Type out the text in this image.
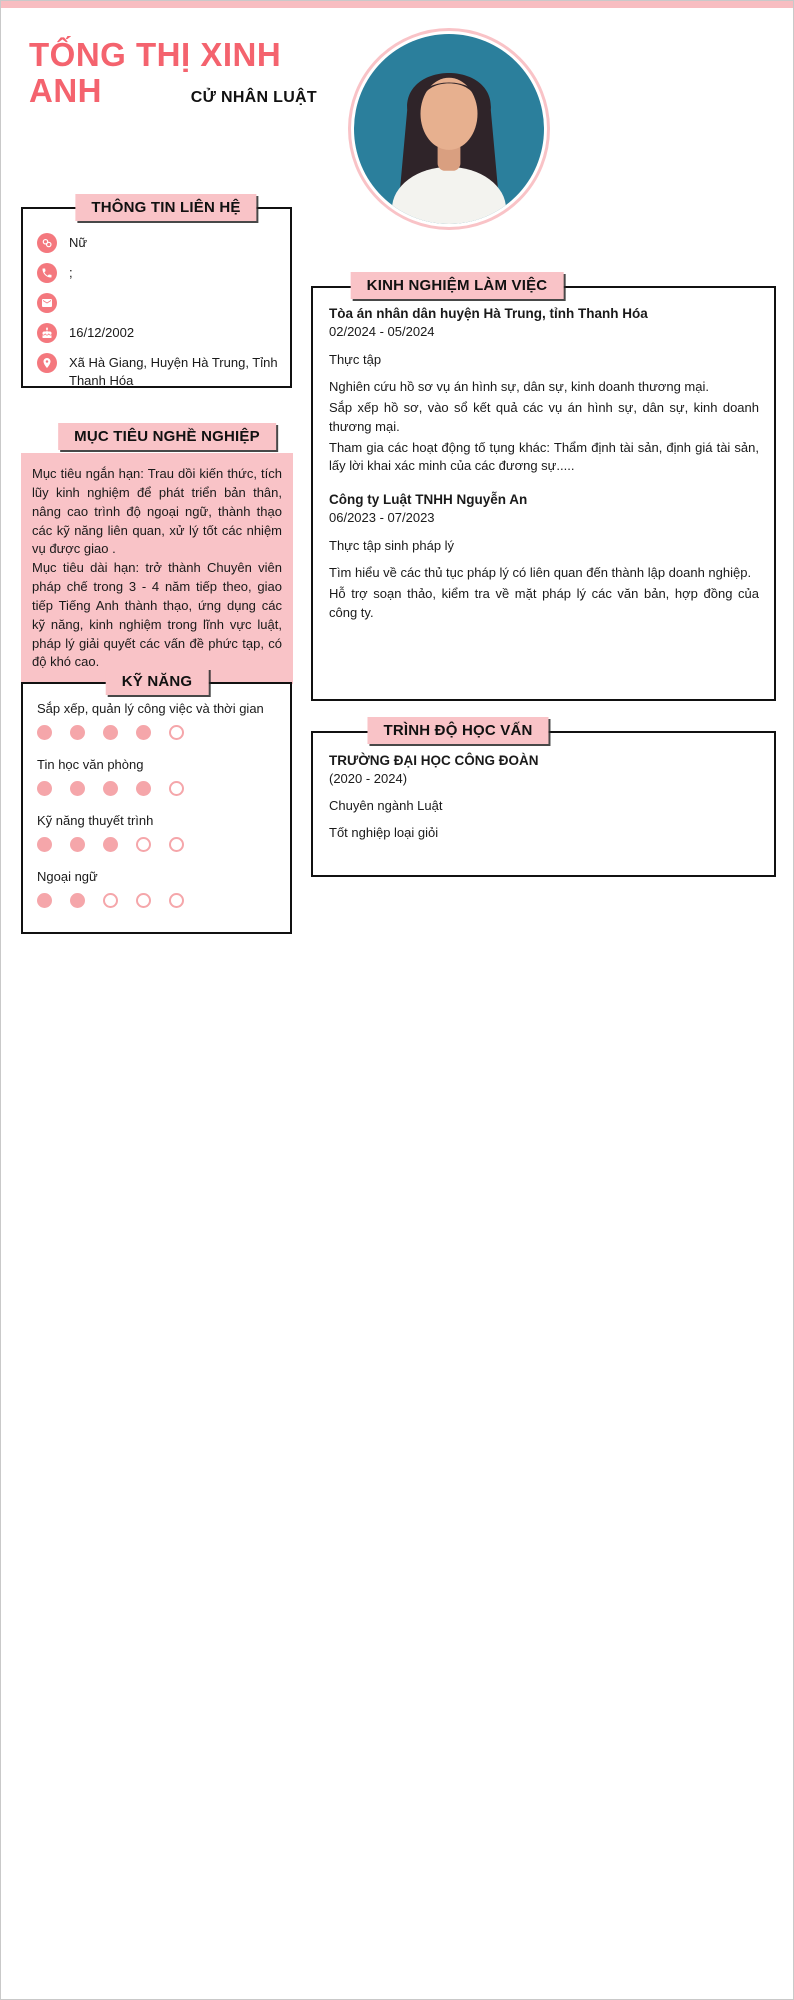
TỐNG THỊ XINH ANH	CỬ NHÂN LUẬT
THÔNG TIN LIÊN HỆ
Nữ
;
16/12/2002
Xã Hà Giang, Huyện Hà Trung, Tỉnh Thanh Hóa
MỤC TIÊU NGHỀ NGHIỆP

Mục tiêu ngắn hạn: Trau dồi kiến thức, tích lũy kinh nghiệm để phát triển bản thân, nâng cao trình độ ngoại ngữ, thành thạo các kỹ năng liên quan, xử lý tốt các nhiệm vụ được giao .

Mục tiêu dài hạn: trở thành Chuyên viên pháp chế trong 3 - 4 năm tiếp theo, giao tiếp Tiếng Anh thành thạo, ứng dụng các kỹ năng, kinh nghiệm trong lĩnh vực luật, pháp lý giải quyết các vấn đề phức tạp, có độ khó cao.

KỸ NĂNG
Sắp xếp, quản lý công việc và thời gian
Tin học văn phòng
Kỹ năng thuyết trình
Ngoại ngữ
KINH NGHIỆM LÀM VIỆC
Tòa án nhân dân huyện Hà Trung, tỉnh Thanh Hóa
02/2024 - 05/2024
Thực tập
Nghiên cứu hồ sơ vụ án hình sự, dân sự, kinh doanh thương mại.
Sắp xếp hồ sơ, vào sổ kết quả các vụ án hình sự, dân sự, kinh doanh thương mại.
Tham gia các hoạt động tố tụng khác: Thẩm định tài sản, định giá tài sản, lấy lời khai xác minh của các đương sự.....
Công ty Luật TNHH Nguyễn An
06/2023 - 07/2023
Thực tập sinh pháp lý
Tìm hiểu về các thủ tục pháp lý có liên quan đến thành lập doanh nghiệp.
Hỗ trợ soạn thảo, kiểm tra về mặt pháp lý các văn bản, hợp đồng của công ty.
TRÌNH ĐỘ HỌC VẤN
TRƯỜNG ĐẠI HỌC CÔNG ĐOÀN
(2020 - 2024)
Chuyên ngành Luật
Tốt nghiệp loại giỏi
